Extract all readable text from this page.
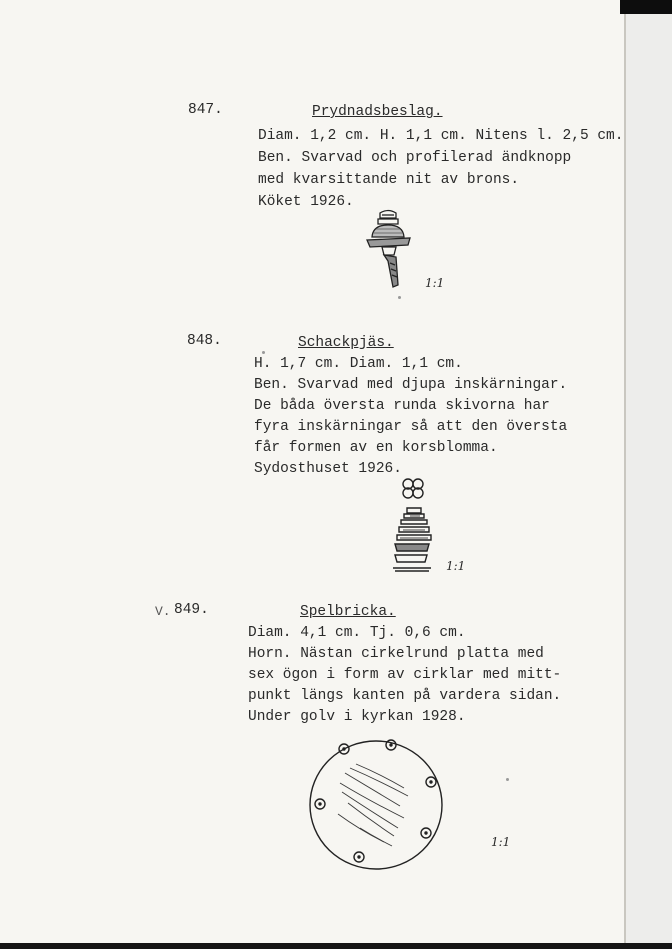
847.	Prydnadsbeslag.
Diam. 1,2 cm. H. 1,1 cm. Nitens l. 2,5 cm.
Ben. Svarvad och profilerad ändknopp
med kvarsittande nit av brons.
Köket 1926.
1:1
848.	Schackpjäs.
H. 1,7 cm. Diam. 1,1 cm.
Ben. Svarvad med djupa inskärningar.
De båda översta runda skivorna har
fyra inskärningar så att den översta
får formen av en korsblomma.
Sydosthuset 1926.
1:1
V. 849.	Spelbricka.
Diam. 4,1 cm. Tj. 0,6 cm.
Horn. Nästan cirkelrund platta med
sex ögon i form av cirklar med mitt-
punkt längs kanten på vardera sidan.
Under golv i kyrkan 1928.
1:1
